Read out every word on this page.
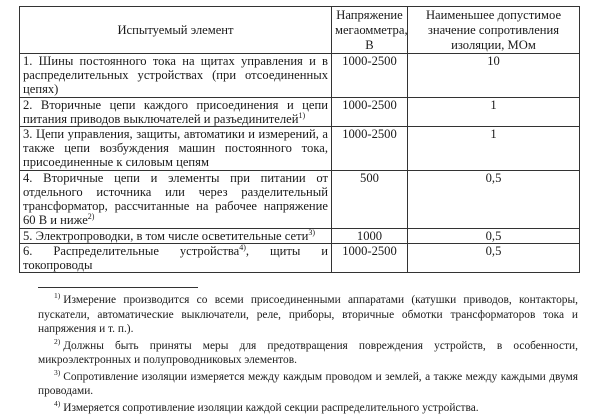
Испытуемый элемент	Напряжение мегаомметра, В	Наименьшее допустимое значение сопротивления изоляции, МОм
1. Шины постоянного тока на щитах управления и в распределительных устройствах (при отсоединенных цепях)	1000-2500	10
2. Вторичные цепи каждого присоединения и цепи питания приводов выключателей и разъединителей$^{1)}$	1000-2500	1
3. Цепи управления, защиты, автоматики и измерений, а также цепи возбуждения машин постоянного тока, присоединенные к силовым цепям	1000-2500	1
4. Вторичные цепи и элементы при питании от отдельного источника или через разделительный трансформатор, рассчитанные на рабочее напряжение 60 В и ниже$^{2)}$	500	0,5
5. Электропроводки, в том числе осветительные сети$^{3)}$	1000	0,5
6. Распределительные устройства$^{4)}$, щиты и токопроводы	1000-2500	0,5

$^{1)}$ Измерение производится со всеми присоединенными аппаратами (катушки приводов, контакторы, пускатели, автоматические выключатели, реле, приборы, вторичные обмотки трансформаторов тока и напряжения и т. п.).

$^{2)}$ Должны быть приняты меры для предотвращения повреждения устройств, в особенности, микроэлектронных и полупроводниковых элементов.

$^{3)}$ Сопротивление изоляции измеряется между каждым проводом и землей, а также между каждыми двумя проводами.

$^{4)}$ Измеряется сопротивление изоляции каждой секции распределительного устройства.
